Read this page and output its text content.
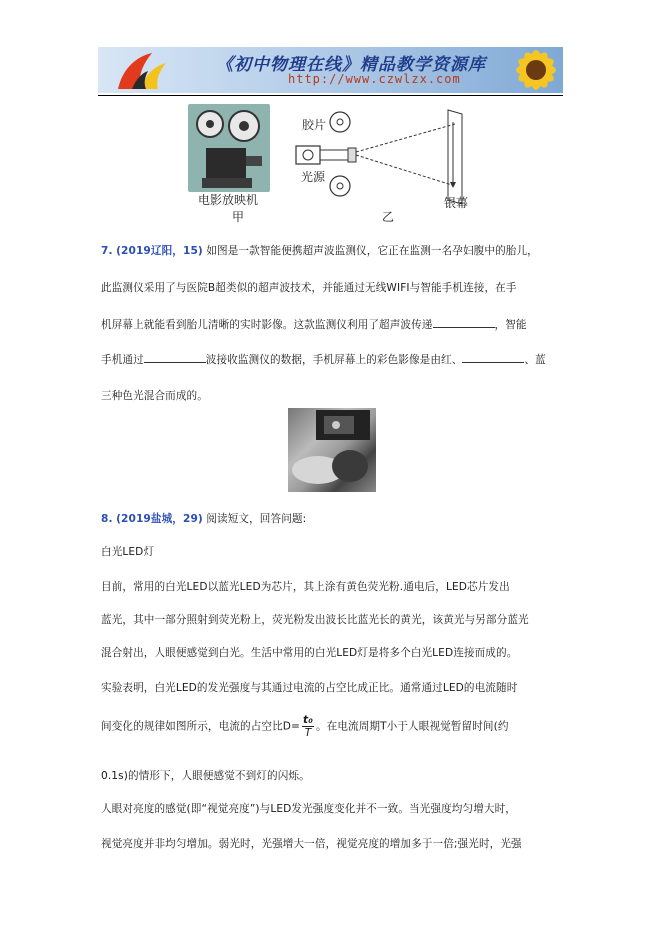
《初中物理在线》精品教学资源库
http://www.czwlzx.com
电影放映机
甲
胶片
光源
银幕
乙
7. (2019辽阳，15) 如图是一款智能便携超声波监测仪，它正在监测一名孕妇腹中的胎儿，
此监测仪采用了与医院B超类似的超声波技术，并能通过无线WIFI与智能手机连接，在手
机屏幕上就能看到胎儿清晰的实时影像。这款监测仪利用了超声波传递	，智能
手机通过	波接收监测仪的数据，手机屏幕上的彩色影像是由红、	、蓝
三种色光混合而成的。
8. (2019盐城，29) 阅读短文，回答问题:
白光LED灯
目前，常用的白光LED以蓝光LED为芯片，其上涂有黄色荧光粉.通电后，LED芯片发出
蓝光，其中一部分照射到荧光粉上，荧光粉发出波长比蓝光长的黄光，该黄光与另部分蓝光
混合射出，人眼便感觉到白光。生活中常用的白光LED灯是将多个白光LED连接而成的。
实验表明，白光LED的发光强度与其通过电流的占空比成正比。通常通过LED的电流随时
间变化的规律如图所示，电流的占空比$D= \frac{\text{t₀}}{T}$ 。在电流周期T小于人眼视觉暂留时间(约
0.1s)的情形下，人眼便感觉不到灯的闪烁。
人眼对亮度的感觉(即“视觉亮度”)与LED发光强度变化并不一致。当光强度均匀增大时，
视觉亮度并非均匀增加。弱光时，光强增大一倍，视觉亮度的增加多于一倍;强光时，光强
